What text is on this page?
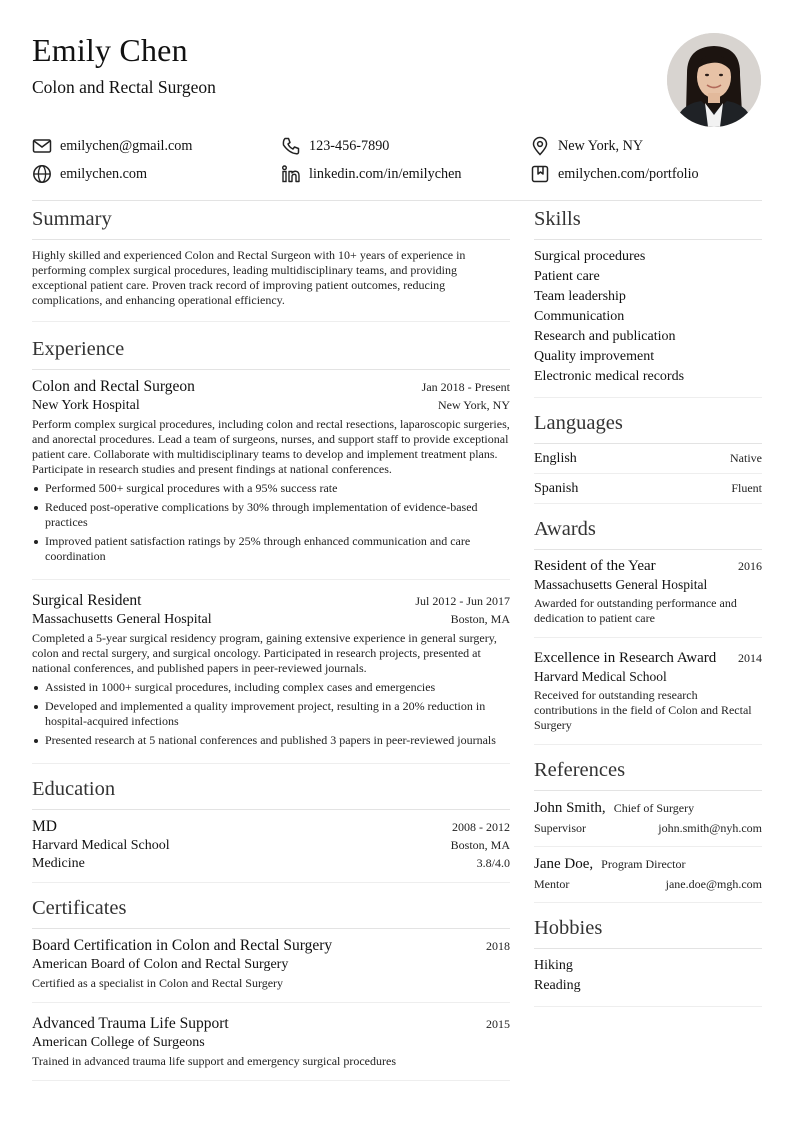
Emily Chen
Colon and Rectal Surgeon
emilychen@gmail.com	123-456-7890	New York, NY
emilychen.com	linkedin.com/in/emilychen	emilychen.com/portfolio
Summary
Highly skilled and experienced Colon and Rectal Surgeon with 10+ years of experience in performing complex surgical procedures, leading multidisciplinary teams, and providing exceptional patient care. Proven track record of improving patient outcomes, reducing complications, and enhancing operational efficiency.
Experience
Colon and Rectal Surgeon	Jan 2018 - Present
New York Hospital	New York, NY
Perform complex surgical procedures, including colon and rectal resections, laparoscopic surgeries, and anorectal procedures. Lead a team of surgeons, nurses, and support staff to provide exceptional patient care. Collaborate with multidisciplinary teams to develop and implement treatment plans. Participate in research studies and present findings at national conferences.
Performed 500+ surgical procedures with a 95% success rate
Reduced post-operative complications by 30% through implementation of evidence-based practices
Improved patient satisfaction ratings by 25% through enhanced communication and care coordination
Surgical Resident	Jul 2012 - Jun 2017
Massachusetts General Hospital	Boston, MA
Completed a 5-year surgical residency program, gaining extensive experience in general surgery, colon and rectal surgery, and surgical oncology. Participated in research projects, presented at national conferences, and published papers in peer-reviewed journals.
Assisted in 1000+ surgical procedures, including complex cases and emergencies
Developed and implemented a quality improvement project, resulting in a 20% reduction in hospital-acquired infections
Presented research at 5 national conferences and published 3 papers in peer-reviewed journals
Education
MD	2008 - 2012
Harvard Medical School	Boston, MA
Medicine	3.8/4.0
Certificates
Board Certification in Colon and Rectal Surgery	2018
American Board of Colon and Rectal Surgery
Certified as a specialist in Colon and Rectal Surgery
Advanced Trauma Life Support	2015
American College of Surgeons
Trained in advanced trauma life support and emergency surgical procedures
Skills
Surgical procedures
Patient care
Team leadership
Communication
Research and publication
Quality improvement
Electronic medical records
Languages
English	Native
Spanish	Fluent
Awards
Resident of the Year	2016
Massachusetts General Hospital
Awarded for outstanding performance and dedication to patient care
Excellence in Research Award 2014
Harvard Medical School
Received for outstanding research contributions in the field of Colon and Rectal Surgery
References
John Smith, Chief of Surgery
Supervisor	john.smith@nyh.com
Jane Doe, Program Director
Mentor	jane.doe@mgh.com
Hobbies
Hiking
Reading
